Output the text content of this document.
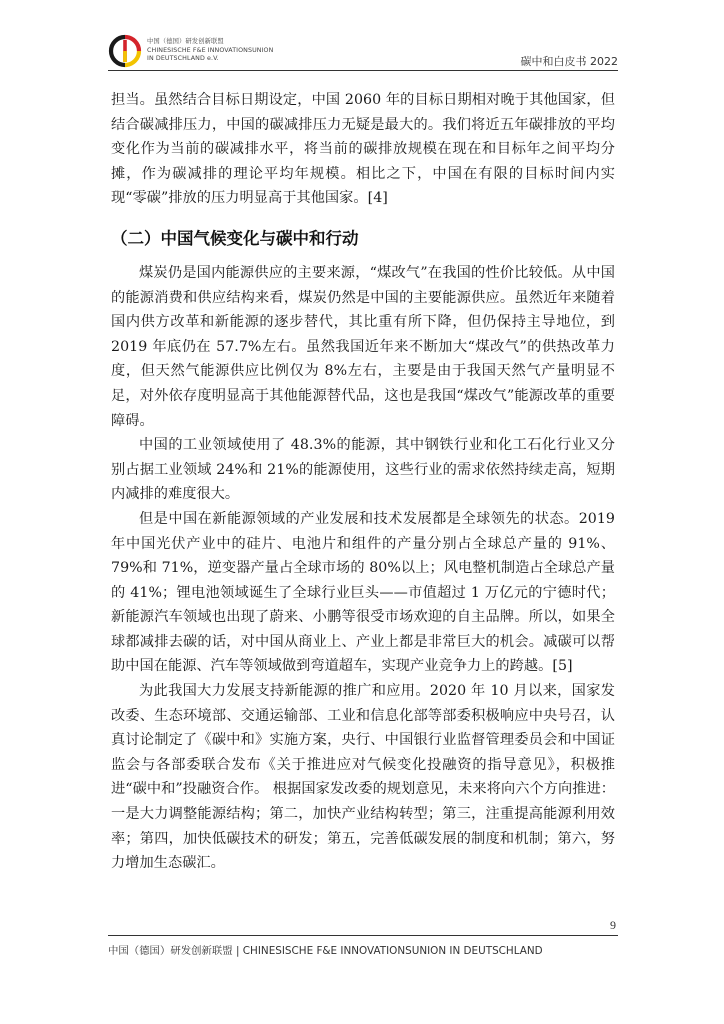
中国（德国）研发创新联盟
CHINESISCHE F&E INNOVATIONSUNION
IN DEUTSCHLAND e.V.	碳中和白皮书 2022

担当。虽然结合目标日期设定，中国 2060 年的目标日期相对晚于其他国家，但结合碳减排压力，中国的碳减排压力无疑是最大的。我们将近五年碳排放的平均变化作为当前的碳减排水平，将当前的碳排放规模在现在和目标年之间平均分摊，作为碳减排的理论平均年规模。相比之下，中国在有限的目标时间内实现“零碳”排放的压力明显高于其他国家。[4]

（二）中国气候变化与碳中和行动

煤炭仍是国内能源供应的主要来源，“煤改气”在我国的性价比较低。从中国的能源消费和供应结构来看，煤炭仍然是中国的主要能源供应。虽然近年来随着国内供方改革和新能源的逐步替代，其比重有所下降，但仍保持主导地位，到 2019 年底仍在 57.7%左右。虽然我国近年来不断加大“煤改气”的供热改革力度，但天然气能源供应比例仅为 8%左右，主要是由于我国天然气产量明显不足，对外依存度明显高于其他能源替代品，这也是我国“煤改气”能源改革的重要障碍。

中国的工业领域使用了 48.3%的能源，其中钢铁行业和化工石化行业又分别占据工业领域 24%和 21%的能源使用，这些行业的需求依然持续走高，短期内减排的难度很大。

但是中国在新能源领域的产业发展和技术发展都是全球领先的状态。2019年中国光伏产业中的硅片、电池片和组件的产量分别占全球总产量的 91%、79%和 71%，逆变器产量占全球市场的 80%以上；风电整机制造占全球总产量的 41%；锂电池领域诞生了全球行业巨头——市值超过 1 万亿元的宁德时代；新能源汽车领域也出现了蔚来、小鹏等很受市场欢迎的自主品牌。所以，如果全球都减排去碳的话，对中国从商业上、产业上都是非常巨大的机会。减碳可以帮助中国在能源、汽车等领域做到弯道超车，实现产业竞争力上的跨越。[5]

为此我国大力发展支持新能源的推广和应用。2020 年 10 月以来，国家发改委、生态环境部、交通运输部、工业和信息化部等部委积极响应中央号召，认真讨论制定了《碳中和》实施方案，央行、中国银行业监督管理委员会和中国证监会与各部委联合发布《关于推进应对气候变化投融资的指导意见》，积极推进“碳中和”投融资合作。 根据国家发改委的规划意见，未来将向六个方向推进：一是大力调整能源结构；第二，加快产业结构转型；第三，注重提高能源利用效率；第四，加快低碳技术的研发；第五，完善低碳发展的制度和机制；第六，努力增加生态碳汇。

9
中国（德国）研发创新联盟 | CHINESISCHE F&E INNOVATIONSUNION IN DEUTSCHLAND
